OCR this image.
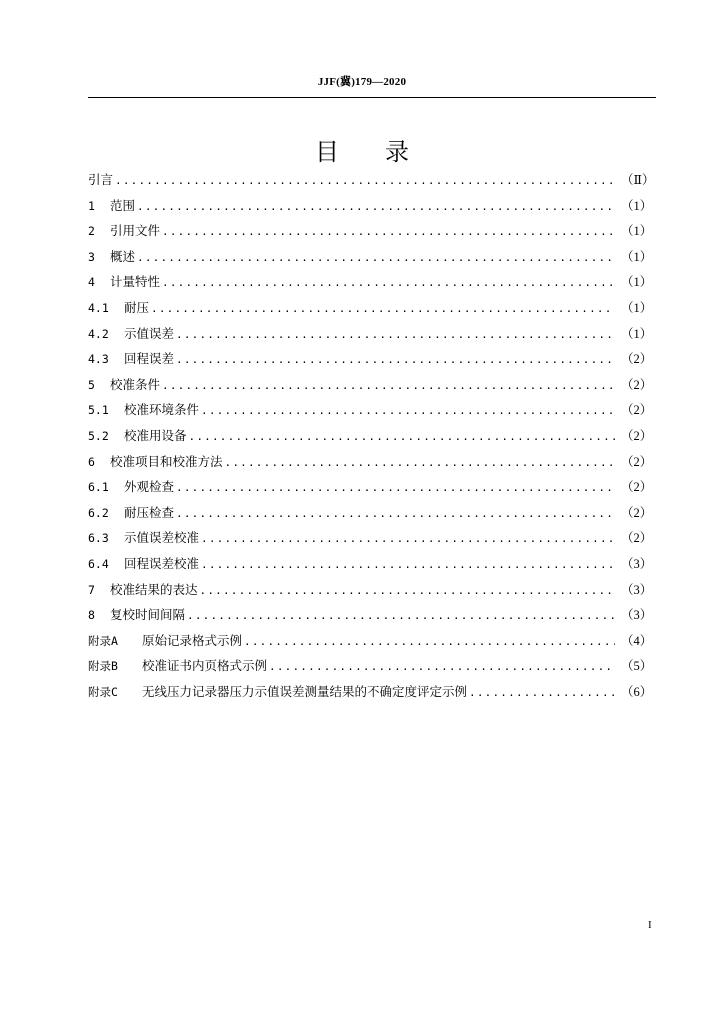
JJF(冀)179—2020
目录
引言 .....	（Ⅱ）
1	范围 .....	（1）
2	引用文件 .....	（1）
3	概述 .....	（1）
4	计量特性 .....	（1）
4.1	耐压 .....	（1）
4.2	示值误差 .....	（1）
4.3	回程误差 .....	（2）
5	校准条件 .....	（2）
5.1	校准环境条件 .....	（2）
5.2	校准用设备 .....	（2）
6	校准项目和校准方法 .....	（2）
6.1	外观检查 .....	（2）
6.2	耐压检查 .....	（2）
6.3	示值误差校准 .....	（2）
6.4	回程误差校准 .....	（3）
7	校准结果的表达 .....	（3）
8	复校时间间隔 .....	（3）
附录A	原始记录格式示例 .....	（4）
附录B	校准证书内页格式示例 .....	（5）
附录C	无线压力记录器压力示值误差测量结果的不确定度评定示例 .....	（6）
I
